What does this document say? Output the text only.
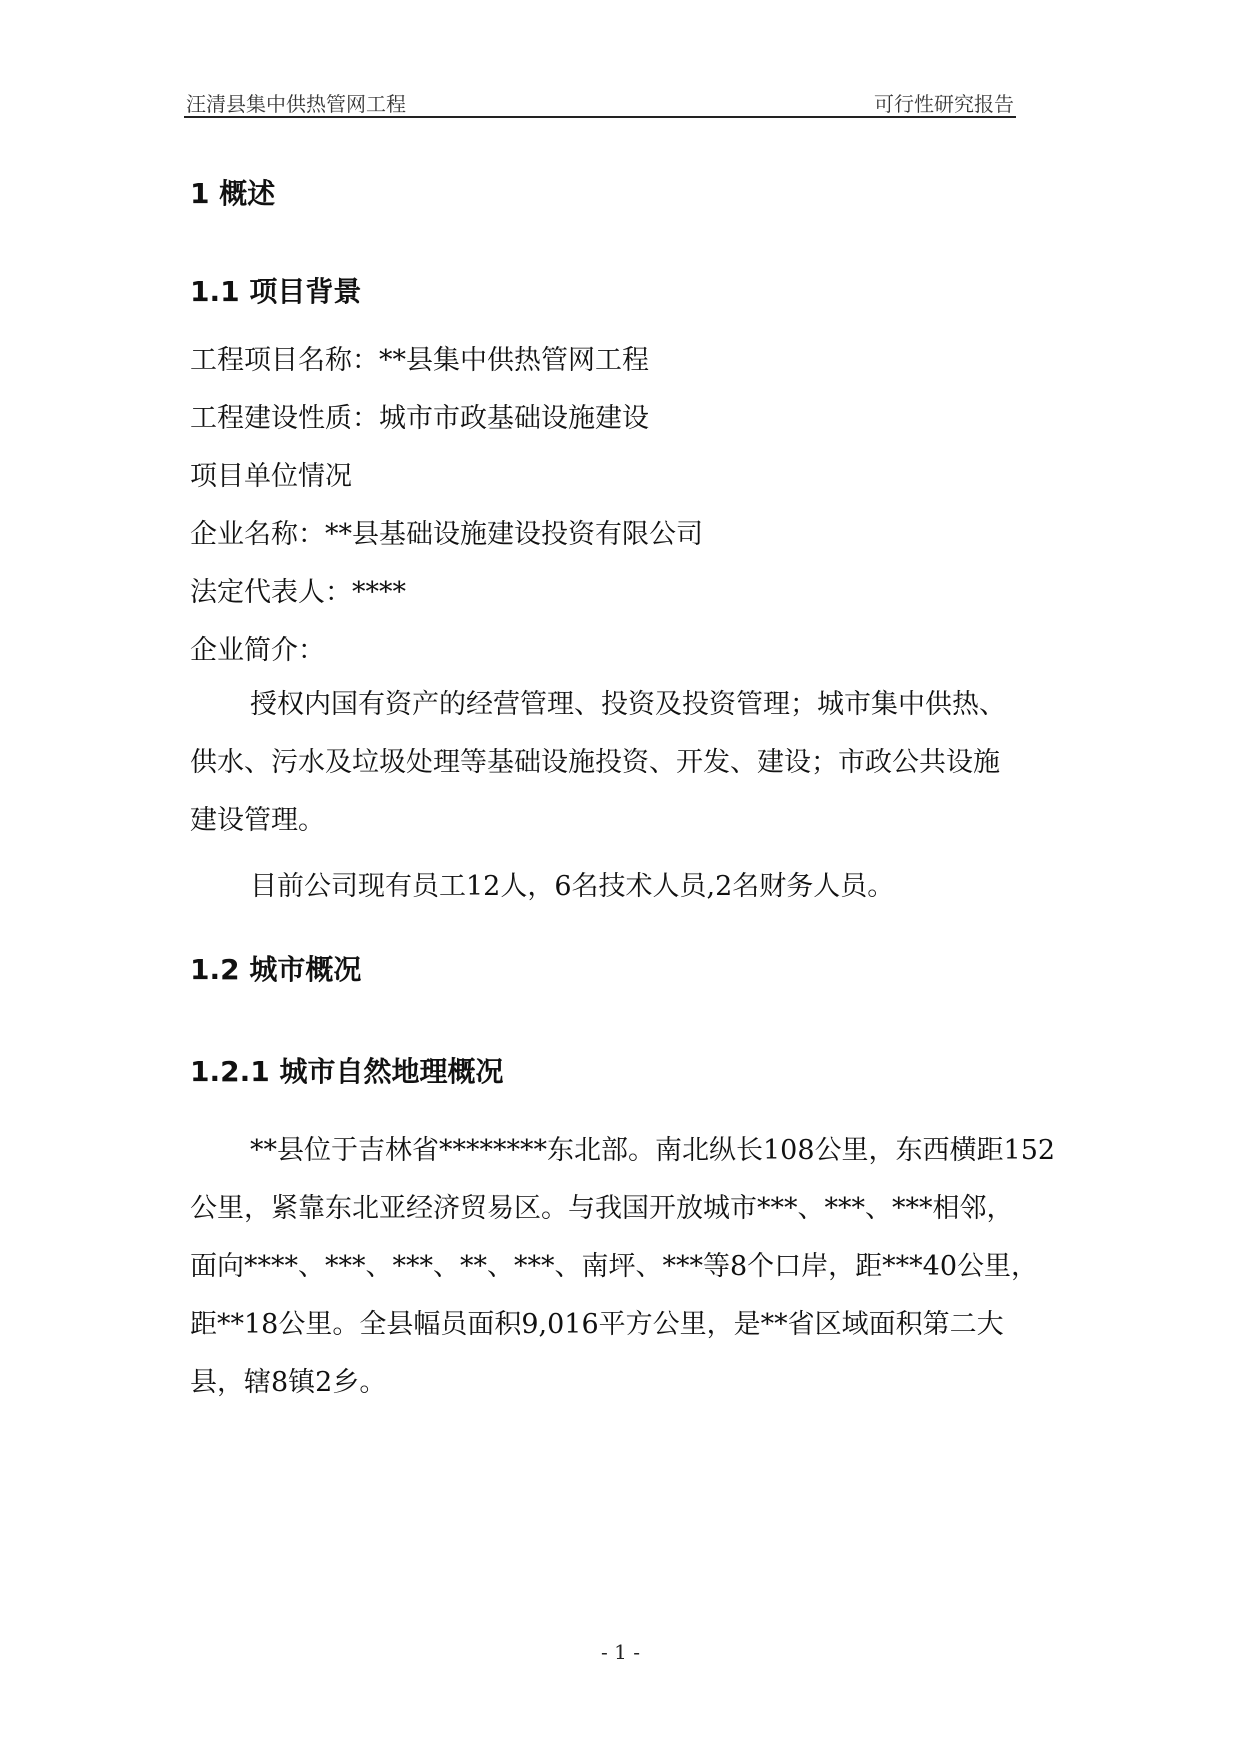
汪清县集中供热管网工程	可行性研究报告
1 概述
1.1 项目背景
工程项目名称：**县集中供热管网工程
工程建设性质：城市市政基础设施建设
项目单位情况
企业名称：**县基础设施建设投资有限公司
法定代表人：****
企业简介：
授权内国有资产的经营管理、投资及投资管理；城市集中供热、
供水、污水及垃圾处理等基础设施投资、开发、建设；市政公共设施
建设管理。
目前公司现有员工12人，6名技术人员,2名财务人员。
1.2 城市概况
1.2.1 城市自然地理概况
**县位于吉林省********东北部。南北纵长108公里，东西横距152
公里，紧靠东北亚经济贸易区。与我国开放城市***、***、***相邻，
面向****、***、***、**、***、南坪、***等8个口岸，距***40公里，
距**18公里。全县幅员面积9,016平方公里，是**省区域面积第二大
县，辖8镇2乡。
- 1 -
